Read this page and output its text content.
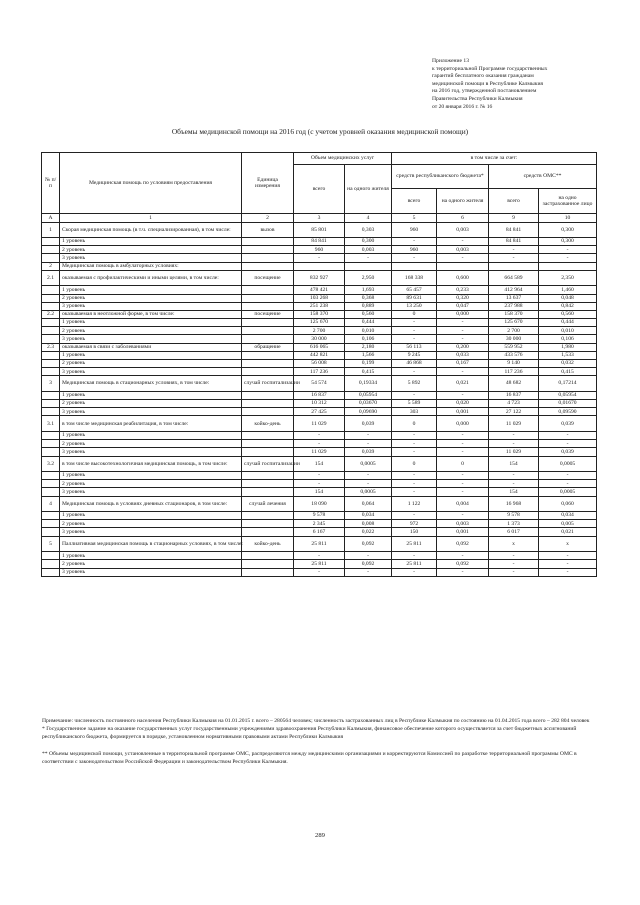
Приложение 13
к территориальной Программе государственных
гарантий бесплатного оказания гражданам
медицинской помощи в Республике Калмыкия
на 2016 год, утвержденной постановлением
Правительства Республики Калмыкия
от 20 января 2016 г. № 16
Объемы медицинской помощи на 2016 год (с учетом уровней оказания медицинской помощи)
№ п/п	Медицинская помощь по условиям предоставления	Единица измерения	Объем медицинских услуг		в том числе за счет:			
			всего	на одного жителя	средств республиканского бюджета*		средств ОМС**	
					всего	на одного жителя	всего	на одно застрахованное лицо
А	1	2	3	4	5	6	9	10
1	Скорая медицинская помощь (в т.ч. специализированная), в том числе:	вызов	85 801	0,303	960	0,003	84 841	0,300
	1 уровень		84 841	0,300	-	-	84 841	0,300
	2 уровень		960	0,003	960	0,003	-	-
	3 уровень		-	-	-	-	-	-
2	Медицинская помощь в амбулаторных условиях:							
2.1	оказываемая с профилактическими и иными целями, в том числе:	посещение	832 927	2,950	168 338	0,600	664 589	2,350
	1 уровень		478 421	1,693	65 457	0,233	412 964	1,460
	2 уровень		103 268	0,368	89 631	0,320	13 637	0,048
	3 уровень		251 238	0,889	13 250	0,047	237 988	0,842
2.2	оказываемая в неотложной форме, в том числе:	посещение	158 370	0,560	0	0,000	158 370	0,560
	1 уровень		125 670	0,444	-	-	125 670	0,444
	2 уровень		2 700	0,010	-	-	2 700	0,010
	3 уровень		30 000	0,106	-	-	30 000	0,106
2.3	оказываемая в связи с заболеваниями	обращение	616 065	2,180	56 113	0,200	559 952	1,980
	1 уровень		442 821	1,566	9 245	0,033	433 576	1,533
	2 уровень		56 008	0,199	46 868	0,167	9 140	0,032
	3 уровень		117 236	0,415	-	-	117 236	0,415
3	Медицинская помощь в стационарных условиях, в том числе:	случай госпитализации	54 574	0,19334	5 892	0,021	48 682	0,17214
	1 уровень		16 837	0,05954	-	-	16 837	0,05954
	2 уровень		10 312	0,03670	5 589	0,020	4 723	0,01670
	3 уровень		27 425	0,09690	303	0,001	27 122	0,09590
3.1	в том числе медицинская реабилитация, в том числе:	койко-день	11 029	0,039	0	0,000	11 029	0,039
	1 уровень		-	-	-	-	-	-
	2 уровень		-	-	-	-	-	-
	3 уровень		11 029	0,039	-	-	11 029	0,039
3.2	в том числе высокотехнологичная медицинская помощь, в том числе:	случай госпитализации	154	0,0005	0	0	154	0,0005
	1 уровень		-	-	-	-	-	-
	2 уровень		-	-	-	-	-	-
	3 уровень		154	0,0005	-	-	154	0,0005
4	Медицинская помощь в условиях дневных стационаров, в том числе:	случай лечения	18 090	0,064	1 122	0,004	16 968	0,060
	1 уровень		9 578	0,034	-	-	9 578	0,034
	2 уровень		2 345	0,008	972	0,003	1 373	0,005
	3 уровень		6 167	0,022	150	0,001	6 017	0,021
5	Паллиативная медицинская помощь в стационарных условиях, в том числе:	койко-день	25 811	0,092	25 811	0,092	х	х
	1 уровень		-	-	-	-	-	-
	2 уровень		25 811	0,092	25 811	0,092	-	-
	3 уровень		-	-	-	-	-	-

Примечание: численность постоянного населения Республики Калмыкия на 01.01.2015 г. всего – 280564 человек; численность застрахованных лиц в Республике Калмыкия по состоянию на 01.04.2015 года всего – 282 804 человек

* Государственное задание на оказание государственных услуг государственными учреждениями здравоохранения Республики Калмыкия, финансовое обеспечение которого осуществляется за счет бюджетных ассигнований республиканского бюджета, формируется в порядке, установленном нормативными правовыми актами Республики Калмыкия

** Объемы медицинской помощи, установленные в территориальной программе ОМС, распределяются между медицинскими организациями и корректируются Комиссией по разработке территориальной программы ОМС в соответствии с законодательством Российской Федерации и законодательством Республики Калмыкия.

289
